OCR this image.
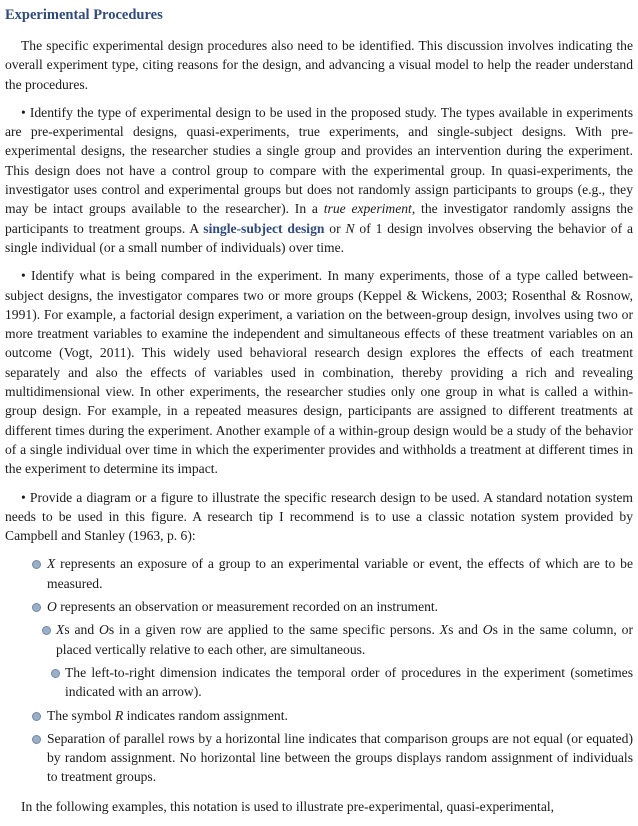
Experimental Procedures

The specific experimental design procedures also need to be identified. This discussion involves indicating the overall experiment type, citing reasons for the design, and advancing a visual model to help the reader understand the procedures.

• Identify the type of experimental design to be used in the proposed study. The types available in experiments are pre-experimental designs, quasi-experiments, true experiments, and single-subject designs. With pre-experimental designs, the researcher studies a single group and provides an intervention during the experiment. This design does not have a control group to compare with the experimental group. In quasi-experiments, the investigator uses control and experimental groups but does not randomly assign participants to groups (e.g., they may be intact groups available to the researcher). In a true experiment, the investigator randomly assigns the participants to treatment groups. A single-subject design or N of 1 design involves observing the behavior of a single individual (or a small number of individuals) over time.

• Identify what is being compared in the experiment. In many experiments, those of a type called between-subject designs, the investigator compares two or more groups (Keppel & Wickens, 2003; Rosenthal & Rosnow, 1991). For example, a factorial design experiment, a variation on the between-group design, involves using two or more treatment variables to examine the independent and simultaneous effects of these treatment variables on an outcome (Vogt, 2011). This widely used behavioral research design explores the effects of each treatment separately and also the effects of variables used in combination, thereby providing a rich and revealing multidimensional view. In other experiments, the researcher studies only one group in what is called a within-group design. For example, in a repeated measures design, participants are assigned to different treatments at different times during the experiment. Another example of a within-group design would be a study of the behavior of a single individual over time in which the experimenter provides and withholds a treatment at different times in the experiment to determine its impact.

• Provide a diagram or a figure to illustrate the specific research design to be used. A standard notation system needs to be used in this figure. A research tip I recommend is to use a classic notation system provided by Campbell and Stanley (1963, p. 6):

X represents an exposure of a group to an experimental variable or event, the effects of which are to be measured.
O represents an observation or measurement recorded on an instrument.
Xs and Os in a given row are applied to the same specific persons. Xs and Os in the same column, or placed vertically relative to each other, are simultaneous.
The left-to-right dimension indicates the temporal order of procedures in the experiment (sometimes indicated with an arrow).
The symbol R indicates random assignment.
Separation of parallel rows by a horizontal line indicates that comparison groups are not equal (or equated) by random assignment. No horizontal line between the groups displays random assignment of individuals to treatment groups.

In the following examples, this notation is used to illustrate pre-experimental, quasi-experimental,
